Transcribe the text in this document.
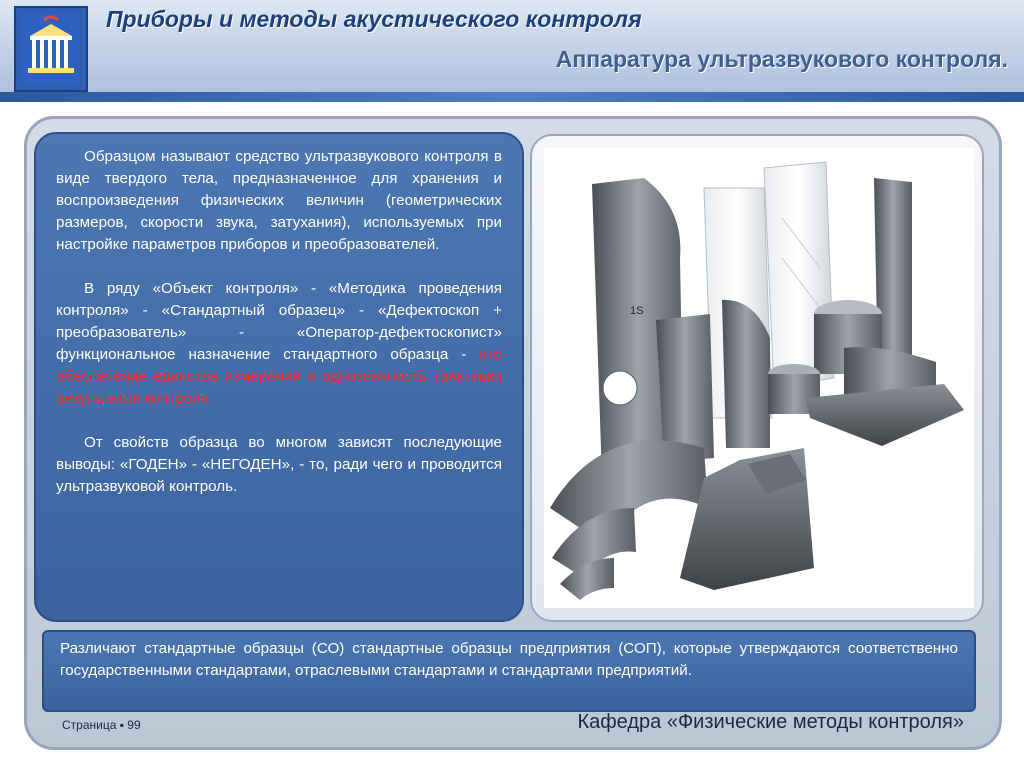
Приборы и методы акустического контроля
Аппаратура ультразвукового контроля.

Образцом называют средство ультразвукового контроля в виде твердого тела, предназначенное для хранения и воспроизведения физических величин (геометрических размеров, скорости звука, затухания), используемых при настройке параметров приборов и преобразователей.

В ряду «Объект контроля» - «Методика проведения контроля» - «Стандартный образец» - «Дефектоскоп + преобразователь» - «Оператор-дефектоскопист» функциональное назначение стандартного образца - это обеспечение единства измерений и однозначность трактовки результатов контроля.

От свойств образца во многом зависят последующие выводы: «ГОДЕН» - «НЕГОДЕН», - то, ради чего и проводится ультразвуковой контроль.

1S
Различают стандартные образцы (СО) стандартные образцы предприятия (СОП), которые утверждаются соответственно государственными стандартами, отраслевыми стандартами и стандартами предприятий.
Страница ▪ 99	Кафедра «Физические методы контроля»
